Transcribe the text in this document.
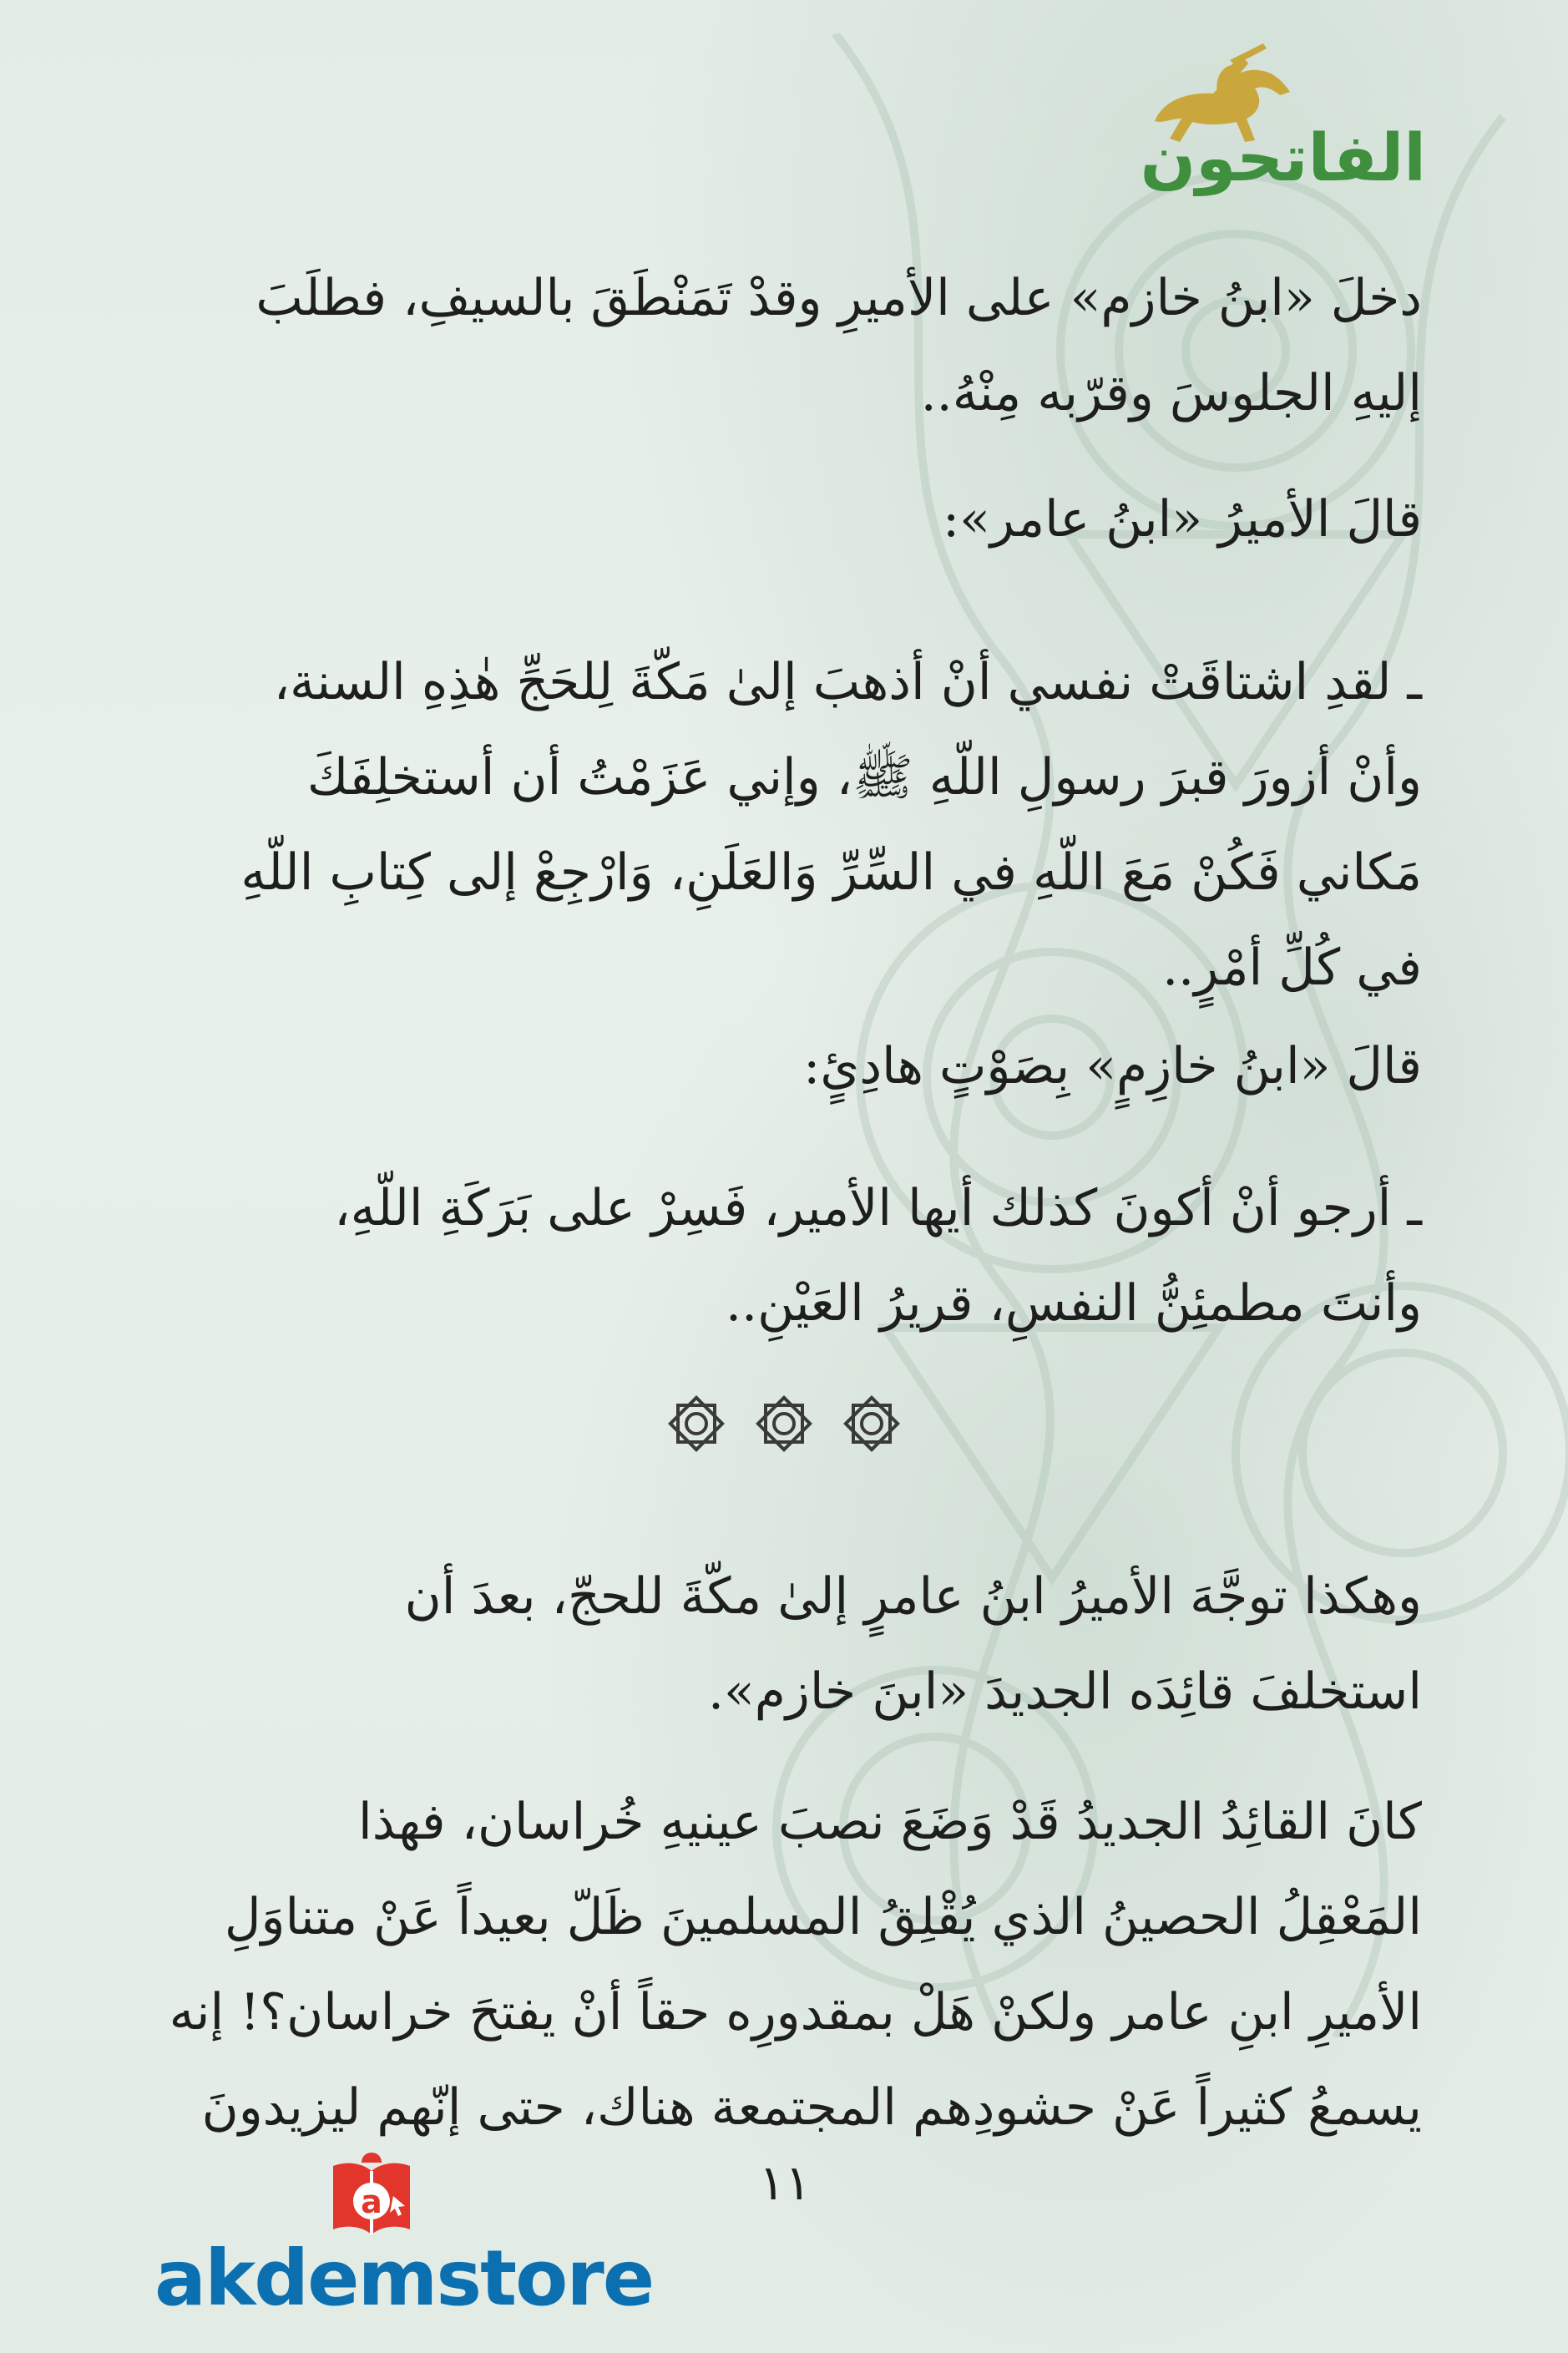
الفاتحون
دخلَ «ابنُ خازم» على الأميرِ وقدْ تَمَنْطَقَ بالسيفِ، فطلَبَ
إليهِ الجلوسَ وقرّبه مِنْهُ..
قالَ الأميرُ «ابنُ عامر»:
ـ لقدِ اشتاقَتْ نفسي أنْ أذهبَ إلىٰ مَكّةَ لِلحَجِّ هٰذِهِ السنة،
وأنْ أزورَ قبرَ رسولِ اللّهِ ﷺ، وإني عَزَمْتُ أن أستخلِفَكَ
مَكاني فَكُنْ مَعَ اللّهِ في السِّرِّ وَالعَلَنِ، وَارْجِعْ إلى كِتابِ اللّهِ
في كُلِّ أمْرٍ..
قالَ «ابنُ خازِمٍ» بِصَوْتٍ هادِئٍ:
ـ أرجو أنْ أكونَ كذلك أيها الأمير، فَسِرْ على بَرَكَةِ اللّهِ،
وأنتَ مطمئِنُّ النفسِ، قريرُ العَيْنِ..

وهكذا توجَّهَ الأميرُ ابنُ عامرٍ إلىٰ مكّةَ للحجّ، بعدَ أن
استخلفَ قائِدَه الجديدَ «ابنَ خازم».
كانَ القائِدُ الجديدُ قَدْ وَضَعَ نصبَ عينيهِ خُراسان، فهذا
المَعْقِلُ الحصينُ الذي يُقْلِقُ المسلمينَ ظَلّ بعيداً عَنْ متناوَلِ
الأميرِ ابنِ عامر ولكنْ هَلْ بمقدورِه حقاً أنْ يفتحَ خراسان؟! إنه
يسمعُ كثيراً عَنْ حشودِهم المجتمعة هناك، حتى إنّهم ليزيدونَ
١١
a
akdemstore
